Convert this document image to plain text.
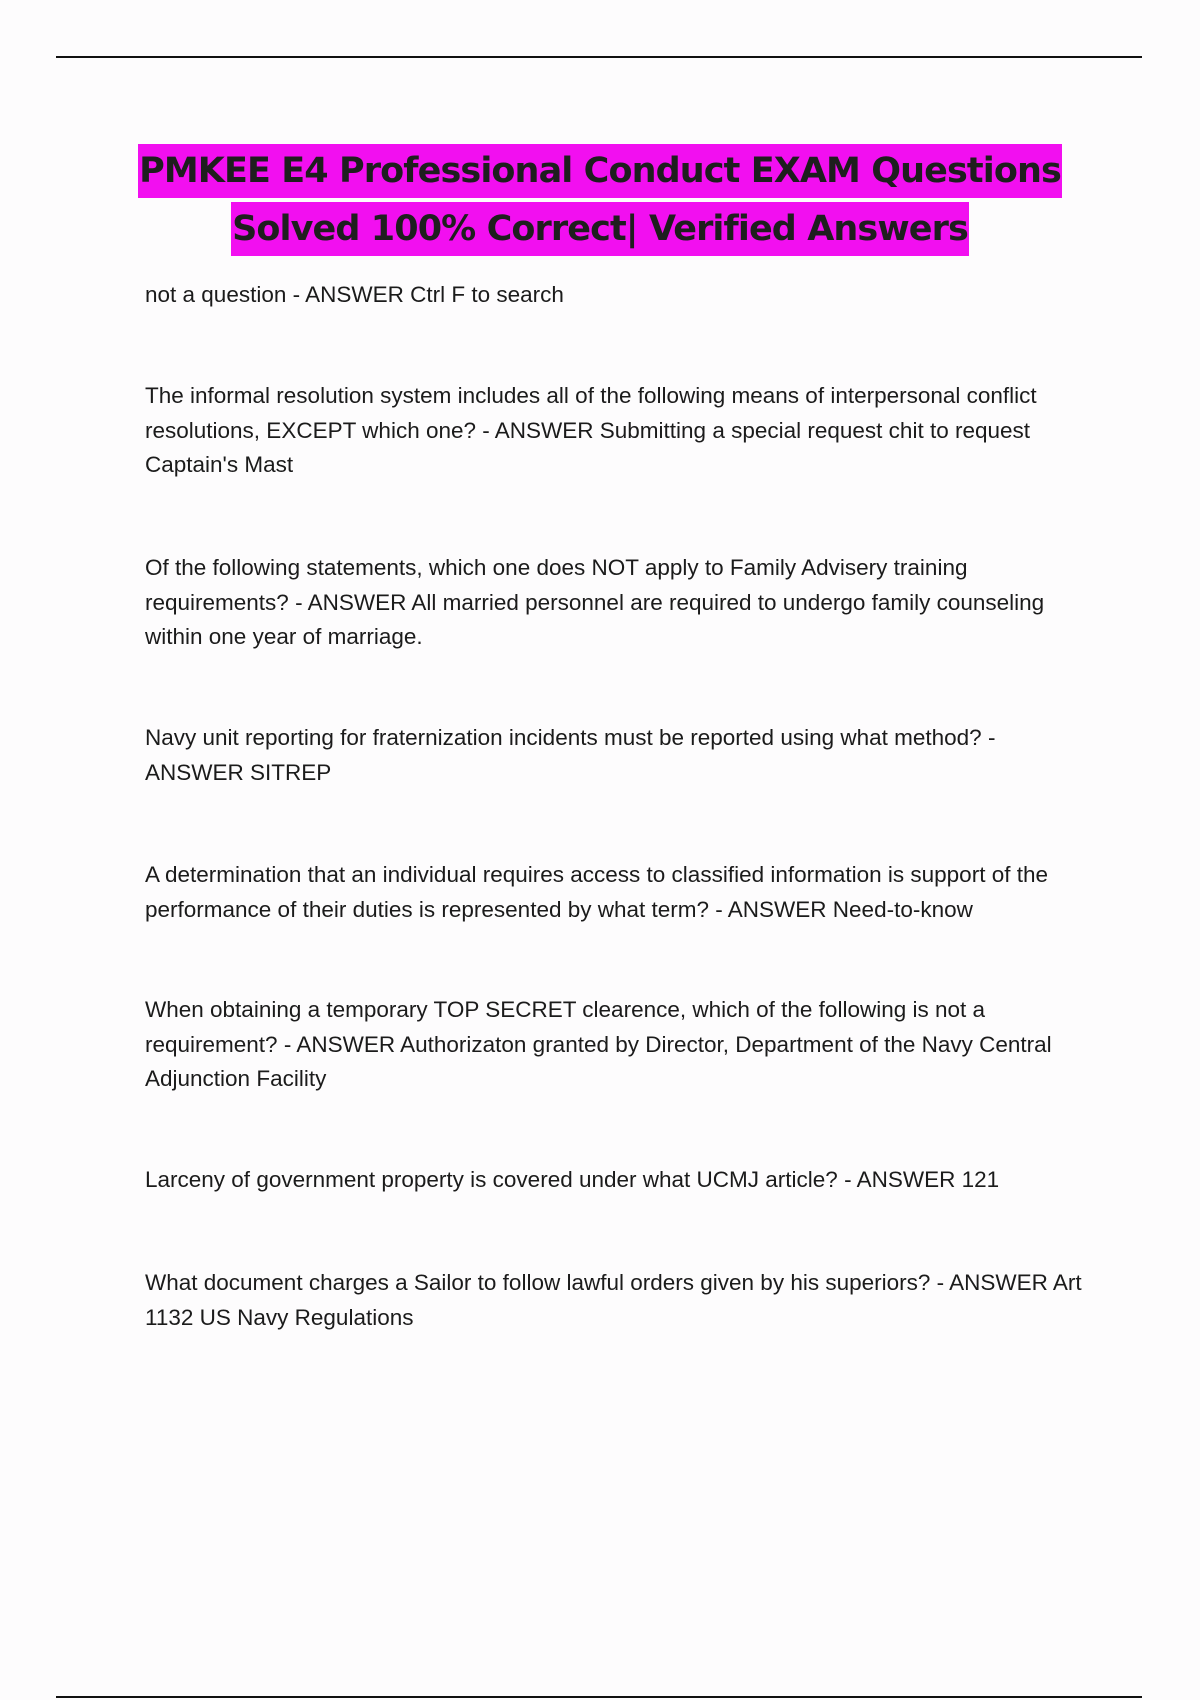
PMKEE E4 Professional Conduct EXAM Questions
Solved 100% Correct| Verified Answers

not a question - ANSWER Ctrl F to search

The informal resolution system includes all of the following means of interpersonal conflict resolutions, EXCEPT which one? - ANSWER Submitting a special request chit to request Captain's Mast

Of the following statements, which one does NOT apply to Family Advisery training requirements? - ANSWER All married personnel are required to undergo family counseling within one year of marriage.

Navy unit reporting for fraternization incidents must be reported using what method? - ANSWER SITREP

A determination that an individual requires access to classified information is support of the performance of their duties is represented by what term? - ANSWER Need-to-know

When obtaining a temporary TOP SECRET clearence, which of the following is not a requirement? - ANSWER Authorizaton granted by Director, Department of the Navy Central Adjunction Facility

Larceny of government property is covered under what UCMJ article? - ANSWER 121

What document charges a Sailor to follow lawful orders given by his superiors? - ANSWER Art 1132 US Navy Regulations
